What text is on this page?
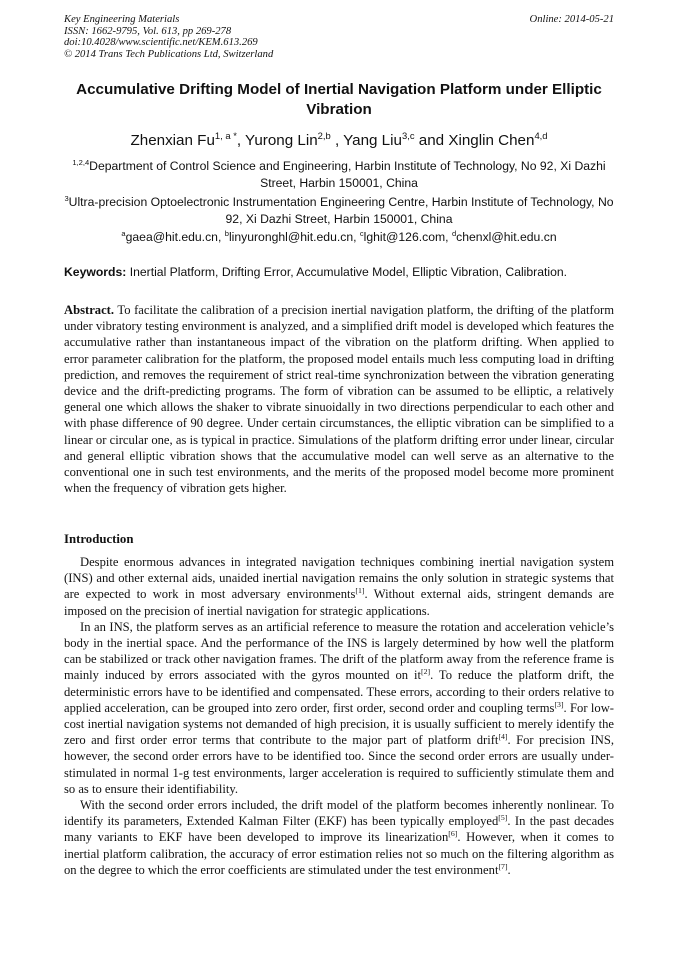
Key Engineering Materials
ISSN: 1662-9795, Vol. 613, pp 269-278
doi:10.4028/www.scientific.net/KEM.613.269
© 2014 Trans Tech Publications Ltd, Switzerland
Online: 2014-05-21
Accumulative Drifting Model of Inertial Navigation Platform under Elliptic Vibration
Zhenxian $Fu^{1, a *}$, Yurong Lin$^{2,b}$ , Yang Liu$^{3,c}$ and Xinglin Chen$^{4,d}$
$^{1,2,4}$Department of Control Science and Engineering, Harbin Institute of Technology, No 92, Xi Dazhi Street, Harbin 150001, China
$^3$Ultra-precision Optoelectronic Instrumentation Engineering Centre, Harbin Institute of Technology, No 92, Xi Dazhi Street, Harbin 150001, China
$^a$gaea@hit.edu.cn, $^b$linyuronghl@hit.edu.cn, $^c$lghit@126.com, $^d$chenxl@hit.edu.cn
Keywords: Inertial Platform, Drifting Error, Accumulative Model, Elliptic Vibration, Calibration.
Abstract. To facilitate the calibration of a precision inertial navigation platform, the drifting of the platform under vibratory testing environment is analyzed, and a simplified drift model is developed which features the accumulative rather than instantaneous impact of the vibration on the platform drifting. When applied to error parameter calibration for the platform, the proposed model entails much less computing load in drifting prediction, and removes the requirement of strict real-time synchronization between the vibration generating device and the drift-predicting programs. The form of vibration can be assumed to be elliptic, a relatively general one which allows the shaker to vibrate sinuoidally in two directions perpendicular to each other and with phase difference of 90 degree. Under certain circumstances, the elliptic vibration can be simplified to a linear or circular one, as is typical in practice. Simulations of the platform drifting error under linear, circular and general elliptic vibration shows that the accumulative model can well serve as an alternative to the conventional one in such test environments, and the merits of the proposed model become more prominent when the frequency of vibration gets higher.
Introduction

Despite enormous advances in integrated navigation techniques combining inertial navigation system (INS) and other external aids, unaided inertial navigation remains the only solution in strategic systems that are expected to work in most adversary environments[1]. Without external aids, stringent demands are imposed on the precision of inertial navigation for strategic applications.

In an INS, the platform serves as an artificial reference to measure the rotation and acceleration vehicle’s body in the inertial space. And the performance of the INS is largely determined by how well the platform can be stabilized or track other navigation frames. The drift of the platform away from the reference frame is mainly induced by errors associated with the gyros mounted on it[2]. To reduce the platform drift, the deterministic errors have to be identified and compensated. These errors, according to their orders relative to applied acceleration, can be grouped into zero order, first order, second order and coupling terms[3]. For low-cost inertial navigation systems not demanded of high precision, it is usually sufficient to merely identify the zero and first order error terms that contribute to the major part of platform drift[4]. For precision INS, however, the second order errors have to be identified too. Since the second order errors are usually under-stimulated in normal 1-g test environments, larger acceleration is required to sufficiently stimulate them and so as to ensure their identifiability.

With the second order errors included, the drift model of the platform becomes inherently nonlinear. To identify its parameters, Extended Kalman Filter (EKF) has been typically employed[5]. In the past decades many variants to EKF have been developed to improve its linearization[6]. However, when it comes to inertial platform calibration, the accuracy of error estimation relies not so much on the filtering algorithm as on the degree to which the error coefficients are stimulated under the test environment[7].
